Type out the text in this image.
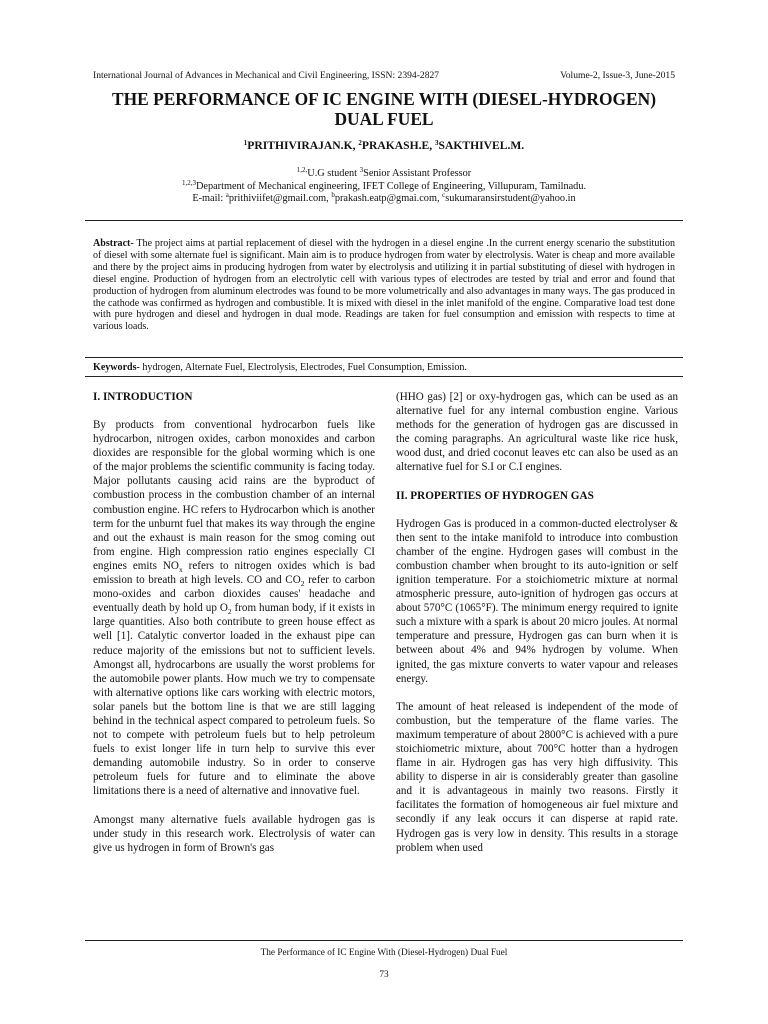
International Journal of Advances in Mechanical and Civil Engineering, ISSN: 2394-2827	Volume-2, Issue-3, June-2015
THE PERFORMANCE OF IC ENGINE WITH (DIESEL-HYDROGEN)
DUAL FUEL
$^1$PRITHIVIRAJAN.K, $^2$PRAKASH.E, $^3$SAKTHIVEL.M.
$^{1,2,}$U.G student $^3$Senior Assistant Professor
$^{1,2,3}$Department of Mechanical engineering, IFET College of Engineering, Villupuram, Tamilnadu.
E-mail: $^a$prithiviifet@gmail.com, $^b$prakash.eatp@gmai.com, $^c$sukumaransirstudent@yahoo.in

Abstract- The project aims at partial replacement of diesel with the hydrogen in a diesel engine .In the current energy scenario the substitution of diesel with some alternate fuel is significant. Main aim is to produce hydrogen from water by electrolysis. Water is cheap and more available and there by the project aims in producing hydrogen from water by electrolysis and utilizing it in partial substituting of diesel with hydrogen in diesel engine. Production of hydrogen from an electrolytic cell with various types of electrodes are tested by trial and error and found that production of hydrogen from aluminum electrodes was found to be more volumetrically and also advantages in many ways. The gas produced in the cathode was confirmed as hydrogen and combustible. It is mixed with diesel in the inlet manifold of the engine. Comparative load test done with pure hydrogen and diesel and hydrogen in dual mode. Readings are taken for fuel consumption and emission with respects to time at various loads.

Keywords- hydrogen, Alternate Fuel, Electrolysis, Electrodes, Fuel Consumption, Emission.

I. INTRODUCTION

By products from conventional hydrocarbon fuels like hydrocarbon, nitrogen oxides, carbon monoxides and carbon dioxides are responsible for the global worming which is one of the major problems the scientific community is facing today. Major pollutants causing acid rains are the byproduct of combustion process in the combustion chamber of an internal combustion engine. HC refers to Hydrocarbon which is another term for the unburnt fuel that makes its way through the engine and out the exhaust is main reason for the smog coming out from engine. High compression ratio engines especially CI engines emits $NO_x$ refers to nitrogen oxides which is bad emission to breath at high levels. CO and $CO_2$ refer to carbon mono-oxides and carbon dioxides causes' headache and eventually death by hold up $O_2$ from human body, if it exists in large quantities. Also both contribute to green house effect as well [1]. Catalytic convertor loaded in the exhaust pipe can reduce majority of the emissions but not to sufficient levels. Amongst all, hydrocarbons are usually the worst problems for the automobile power plants. How much we try to compensate with alternative options like cars working with electric motors, solar panels but the bottom line is that we are still lagging behind in the technical aspect compared to petroleum fuels. So not to compete with petroleum fuels but to help petroleum fuels to exist longer life in turn help to survive this ever demanding automobile industry. So in order to conserve petroleum fuels for future and to eliminate the above limitations there is a need of alternative and innovative fuel.

Amongst many alternative fuels available hydrogen gas is under study in this research work. Electrolysis of water can give us hydrogen in form of Brown's gas

(HHO gas) [2] or oxy-hydrogen gas, which can be used as an alternative fuel for any internal combustion engine. Various methods for the generation of hydrogen gas are discussed in the coming paragraphs. An agricultural waste like rice husk, wood dust, and dried coconut leaves etc can also be used as an alternative fuel for S.I or C.I engines.

II. PROPERTIES OF HYDROGEN GAS

Hydrogen Gas is produced in a common-ducted electrolyser & then sent to the intake manifold to introduce into combustion chamber of the engine. Hydrogen gases will combust in the combustion chamber when brought to its auto-ignition or self ignition temperature. For a stoichiometric mixture at normal atmospheric pressure, auto-ignition of hydrogen gas occurs at about 570°C (1065°F). The minimum energy required to ignite such a mixture with a spark is about 20 micro joules. At normal temperature and pressure, Hydrogen gas can burn when it is between about 4% and 94% hydrogen by volume. When ignited, the gas mixture converts to water vapour and releases energy.

The amount of heat released is independent of the mode of combustion, but the temperature of the flame varies. The maximum temperature of about 2800°C is achieved with a pure stoichiometric mixture, about 700°C hotter than a hydrogen flame in air. Hydrogen gas has very high diffusivity. This ability to disperse in air is considerably greater than gasoline and it is advantageous in mainly two reasons. Firstly it facilitates the formation of homogeneous air fuel mixture and secondly if any leak occurs it can disperse at rapid rate. Hydrogen gas is very low in density. This results in a storage problem when used

The Performance of IC Engine With (Diesel-Hydrogen) Dual Fuel
73
